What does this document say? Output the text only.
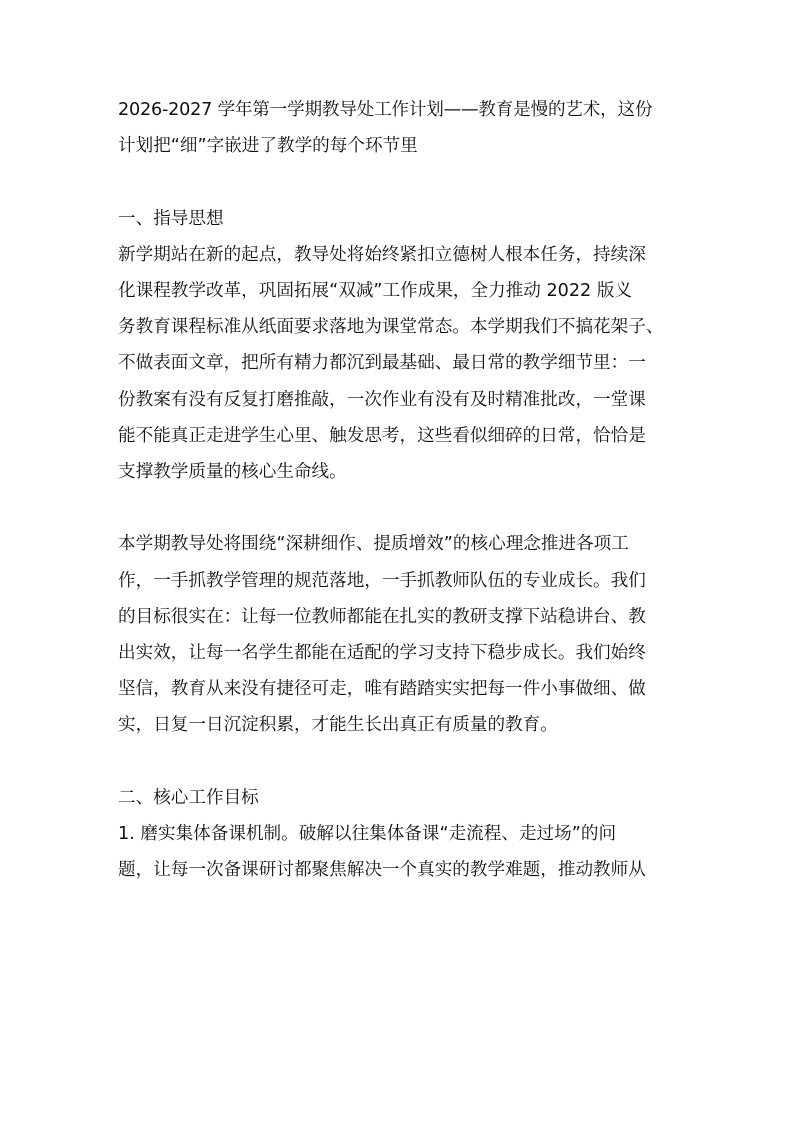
2026-2027 学年第一学期教导处工作计划——教育是慢的艺术，这份
计划把“细”字嵌进了教学的每个环节里
一、指导思想
新学期站在新的起点，教导处将始终紧扣立德树人根本任务，持续深
化课程教学改革，巩固拓展“双减”工作成果，全力推动 2022 版义
务教育课程标准从纸面要求落地为课堂常态。本学期我们不搞花架子、
不做表面文章，把所有精力都沉到最基础、最日常的教学细节里：一
份教案有没有反复打磨推敲，一次作业有没有及时精准批改，一堂课
能不能真正走进学生心里、触发思考，这些看似细碎的日常，恰恰是
支撑教学质量的核心生命线。
本学期教导处将围绕“深耕细作、提质增效”的核心理念推进各项工
作，一手抓教学管理的规范落地，一手抓教师队伍的专业成长。我们
的目标很实在：让每一位教师都能在扎实的教研支撑下站稳讲台、教
出实效，让每一名学生都能在适配的学习支持下稳步成长。我们始终
坚信，教育从来没有捷径可走，唯有踏踏实实把每一件小事做细、做
实，日复一日沉淀积累，才能生长出真正有质量的教育。
二、核心工作目标
1. 磨实集体备课机制。破解以往集体备课“走流程、走过场”的问
题，让每一次备课研讨都聚焦解决一个真实的教学难题，推动教师从
